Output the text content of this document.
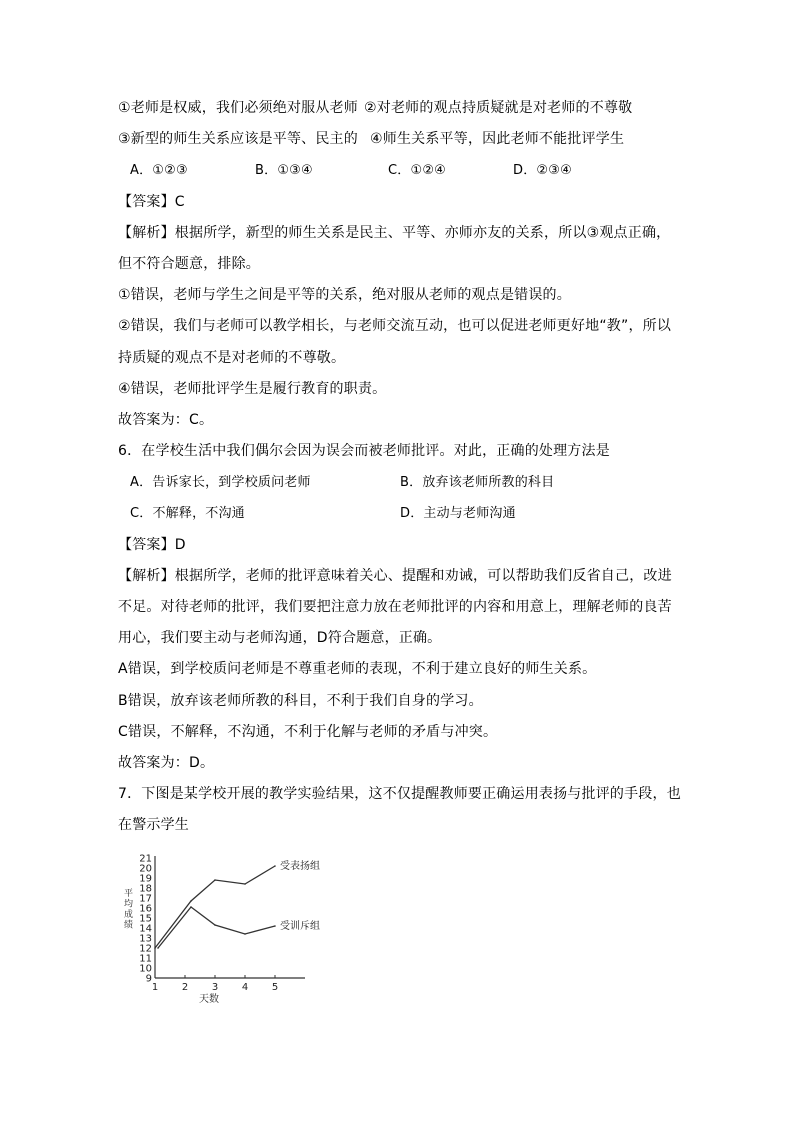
①老师是权威，我们必须绝对服从老师 ②对老师的观点持质疑就是对老师的不尊敬
③新型的师生关系应该是平等、民主的 ④师生关系平等，因此老师不能批评学生
A．①②③	B．①③④	C．①②④	D．②③④
【答案】C
【解析】根据所学，新型的师生关系是民主、平等、亦师亦友的关系，所以③观点正确，
但不符合题意，排除。
①错误，老师与学生之间是平等的关系，绝对服从老师的观点是错误的。
②错误，我们与老师可以教学相长，与老师交流互动，也可以促进老师更好地“教”，所以
持质疑的观点不是对老师的不尊敬。
④错误，老师批评学生是履行教育的职责。
故答案为：C。
6．在学校生活中我们偶尔会因为误会而被老师批评。对此，正确的处理方法是
A．告诉家长，到学校质问老师	B．放弃该老师所教的科目
C．不解释，不沟通	D．主动与老师沟通
【答案】D
【解析】根据所学，老师的批评意味着关心、提醒和劝诫，可以帮助我们反省自己，改进
不足。对待老师的批评，我们要把注意力放在老师批评的内容和用意上，理解老师的良苦
用心，我们要主动与老师沟通，D符合题意，正确。
A错误，到学校质问老师是不尊重老师的表现，不利于建立良好的师生关系。
B错误，放弃该老师所教的科目，不利于我们自身的学习。
C错误，不解释，不沟通，不利于化解与老师的矛盾与冲突。
故答案为：D。
7．下图是某学校开展的教学实验结果，这不仅提醒教师要正确运用表扬与批评的手段，也
在警示学生
9
10
11
12
13
14
15
16
17
18
19
20
21
1 2 3 4 5
天数
受表扬组
受训斥组
平均成绩
